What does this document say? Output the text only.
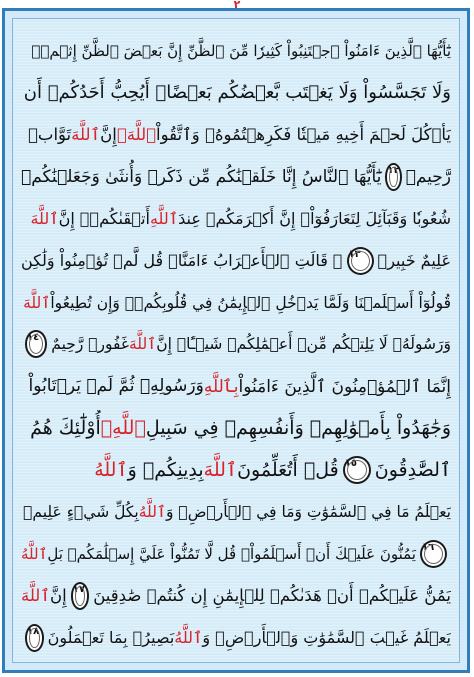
يَٰٓأَيُّهَا ٱلَّذِينَ ءَامَنُواْ ٱجۡتَنِبُواْ كَثِيرٗا مِّنَ ٱلظَّنِّ إِنَّ بَعۡضَ ٱلظَّنِّ إِثۡمٞۖ
وَلَا تَجَسَّسُواْ وَلَا يَغۡتَب بَّعۡضُكُم بَعۡضًاۚ أَيُحِبُّ أَحَدُكُمۡ أَن
يَأۡكُلَ لَحۡمَ أَخِيهِ مَيۡتٗا فَكَرِهۡتُمُوهُۚ وَٱتَّقُواْ
ٱللَّهَۚ
إِنَّ
ٱللَّهَ
تَوَّابٞ
رَّحِيمٞ
١٢
يَٰٓأَيُّهَا ٱلنَّاسُ إِنَّا خَلَقۡنَٰكُم مِّن ذَكَرٖ وَأُنثَىٰ وَجَعَلۡنَٰكُمۡ
شُعُوبٗا وَقَبَآئِلَ لِتَعَارَفُوٓاْۚ إِنَّ أَكۡرَمَكُمۡ عِندَ
ٱللَّهِ
أَتۡقَىٰكُمۡۚ إِنَّ
ٱللَّهَ
عَلِيمٌ خَبِيرٞ
١٣
۞ قَالَتِ ٱلۡأَعۡرَابُ ءَامَنَّاۖ قُل لَّمۡ تُؤۡمِنُواْ وَلَٰكِن
قُولُوٓاْ أَسۡلَمۡنَا وَلَمَّا يَدۡخُلِ ٱلۡإِيمَٰنُ فِي قُلُوبِكُمۡۖ وَإِن تُطِيعُواْ
ٱللَّهَ
وَرَسُولَهُۥ لَا يَلِتۡكُم مِّنۡ أَعۡمَٰلِكُمۡ شَيۡـًٔاۚ إِنَّ
ٱللَّهَ
غَفُورٞ رَّحِيمٌ
١٤
إِنَّمَا ٱلۡمُؤۡمِنُونَ ٱلَّذِينَ ءَامَنُواْ
بِٱللَّهِ
وَرَسُولِهِۦ ثُمَّ لَمۡ يَرۡتَابُواْ
وَجَٰهَدُواْ بِأَمۡوَٰلِهِمۡ وَأَنفُسِهِمۡ فِي سَبِيلِ
ٱللَّهِۚ
أُوْلَٰٓئِكَ هُمُ
ٱلصَّٰدِقُونَ
١٥
قُلۡ أَتُعَلِّمُونَ
ٱللَّهَ
بِدِينِكُمۡ وَ
ٱللَّهُ
يَعۡلَمُ مَا فِي ٱلسَّمَٰوَٰتِ وَمَا فِي ٱلۡأَرۡضِۚ وَ
ٱللَّهُ
بِكُلِّ شَيۡءٍ عَلِيمٞ
١٦
يَمُنُّونَ عَلَيۡكَ أَنۡ أَسۡلَمُواْۖ قُل لَّا تَمُنُّواْ عَلَيَّ إِسۡلَٰمَكُمۖ بَلِ
ٱللَّهُ
يَمُنُّ عَلَيۡكُمۡ أَنۡ هَدَىٰكُمۡ لِلۡإِيمَٰنِ إِن كُنتُمۡ صَٰدِقِينَ
١٧
إِنَّ
ٱللَّهَ
يَعۡلَمُ غَيۡبَ ٱلسَّمَٰوَٰتِ وَٱلۡأَرۡضِۚ وَ
ٱللَّهُ
بَصِيرُۢ بِمَا تَعۡمَلُونَ
١٨
٢
